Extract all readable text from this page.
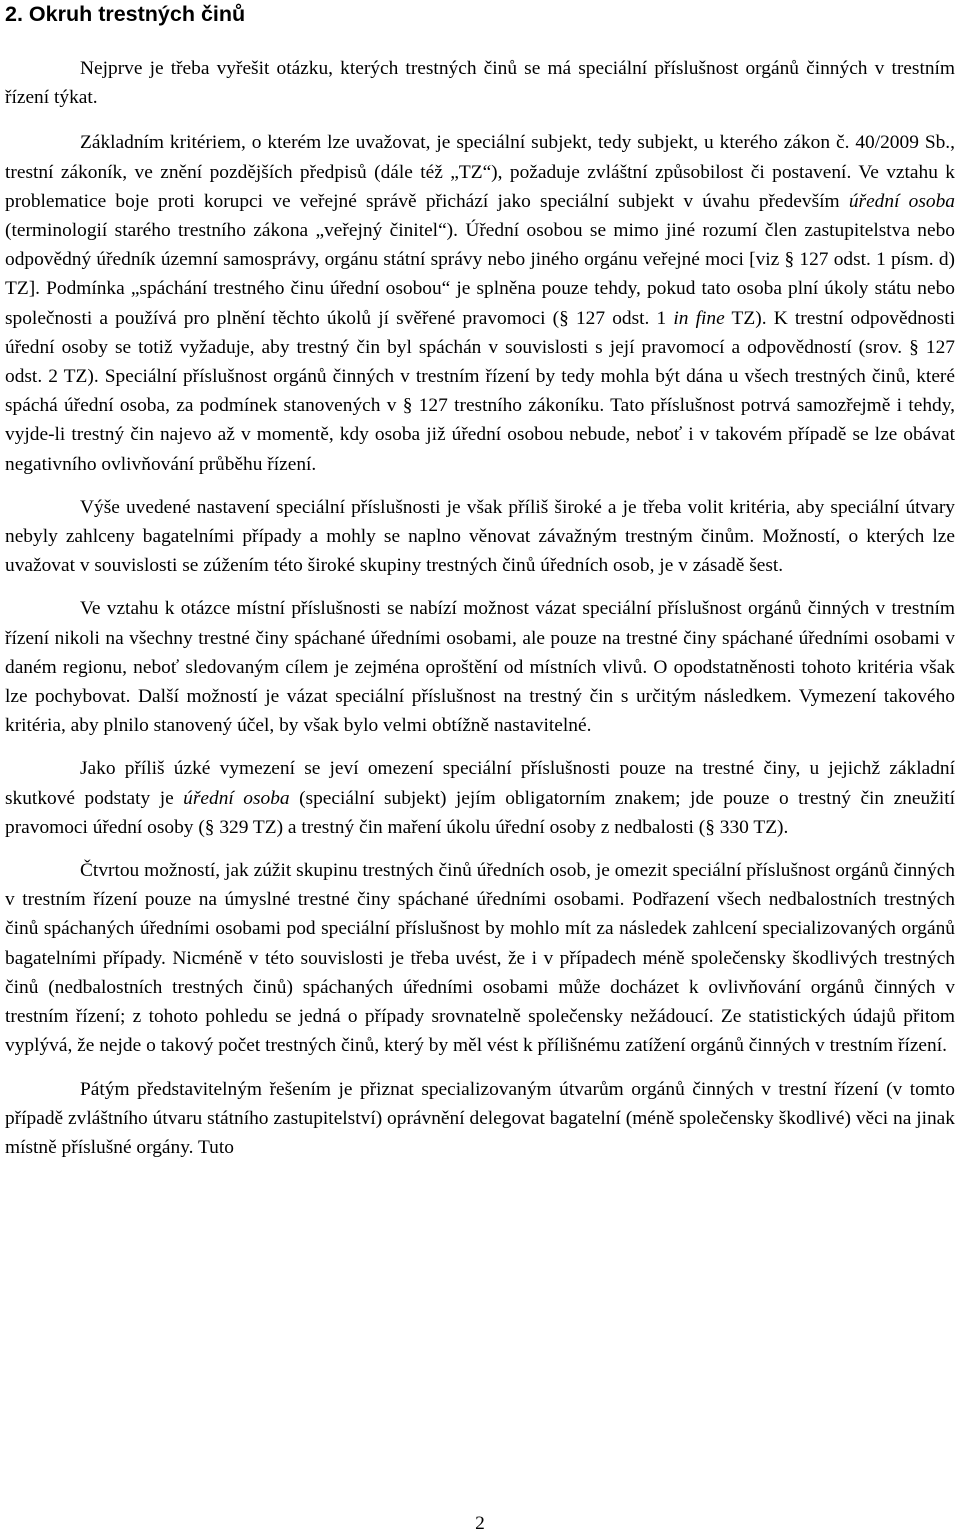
2. Okruh trestných činů

Nejprve je třeba vyřešit otázku, kterých trestných činů se má speciální příslušnost orgánů činných v trestním řízení týkat.

Základním kritériem, o kterém lze uvažovat, je speciální subjekt, tedy subjekt, u kterého zákon č. 40/2009 Sb., trestní zákoník, ve znění pozdějších předpisů (dále též „TZ“), požaduje zvláštní způsobilost či postavení. Ve vztahu k problematice boje proti korupci ve veřejné správě přichází jako speciální subjekt v úvahu především úřední osoba (terminologií starého trestního zákona „veřejný činitel“). Úřední osobou se mimo jiné rozumí člen zastupitelstva nebo odpovědný úředník územní samosprávy, orgánu státní správy nebo jiného orgánu veřejné moci [viz § 127 odst. 1 písm. d) TZ]. Podmínka „spáchání trestného činu úřední osobou“ je splněna pouze tehdy, pokud tato osoba plní úkoly státu nebo společnosti a používá pro plnění těchto úkolů jí svěřené pravomoci (§ 127 odst. 1 in fine TZ). K trestní odpovědnosti úřední osoby se totiž vyžaduje, aby trestný čin byl spáchán v souvislosti s její pravomocí a odpovědností (srov. § 127 odst. 2 TZ). Speciální příslušnost orgánů činných v trestním řízení by tedy mohla být dána u všech trestných činů, které spáchá úřední osoba, za podmínek stanovených v § 127 trestního zákoníku. Tato příslušnost potrvá samozřejmě i tehdy, vyjde-li trestný čin najevo až v momentě, kdy osoba již úřední osobou nebude, neboť i v takovém případě se lze obávat negativního ovlivňování průběhu řízení.

Výše uvedené nastavení speciální příslušnosti je však příliš široké a je třeba volit kritéria, aby speciální útvary nebyly zahlceny bagatelními případy a mohly se naplno věnovat závažným trestným činům. Možností, o kterých lze uvažovat v souvislosti se zúžením této široké skupiny trestných činů úředních osob, je v zásadě šest.

Ve vztahu k otázce místní příslušnosti se nabízí možnost vázat speciální příslušnost orgánů činných v trestním řízení nikoli na všechny trestné činy spáchané úředními osobami, ale pouze na trestné činy spáchané úředními osobami v daném regionu, neboť sledovaným cílem je zejména oproštění od místních vlivů. O opodstatněnosti tohoto kritéria však lze pochybovat. Další možností je vázat speciální příslušnost na trestný čin s určitým následkem. Vymezení takového kritéria, aby plnilo stanovený účel, by však bylo velmi obtížně nastavitelné.

Jako příliš úzké vymezení se jeví omezení speciální příslušnosti pouze na trestné činy, u jejichž základní skutkové podstaty je úřední osoba (speciální subjekt) jejím obligatorním znakem; jde pouze o trestný čin zneužití pravomoci úřední osoby (§ 329 TZ) a trestný čin maření úkolu úřední osoby z nedbalosti (§ 330 TZ).

Čtvrtou možností, jak zúžit skupinu trestných činů úředních osob, je omezit speciální příslušnost orgánů činných v trestním řízení pouze na úmyslné trestné činy spáchané úředními osobami. Podřazení všech nedbalostních trestných činů spáchaných úředními osobami pod speciální příslušnost by mohlo mít za následek zahlcení specializovaných orgánů bagatelními případy. Nicméně v této souvislosti je třeba uvést, že i v případech méně společensky škodlivých trestných činů (nedbalostních trestných činů) spáchaných úředními osobami může docházet k ovlivňování orgánů činných v trestním řízení; z tohoto pohledu se jedná o případy srovnatelně společensky nežádoucí. Ze statistických údajů přitom vyplývá, že nejde o takový počet trestných činů, který by měl vést k přílišnému zatížení orgánů činných v trestním řízení.

Pátým představitelným řešením je přiznat specializovaným útvarům orgánů činných v trestní řízení (v tomto případě zvláštního útvaru státního zastupitelství) oprávnění delegovat bagatelní (méně společensky škodlivé) věci na jinak místně příslušné orgány. Tuto

2
